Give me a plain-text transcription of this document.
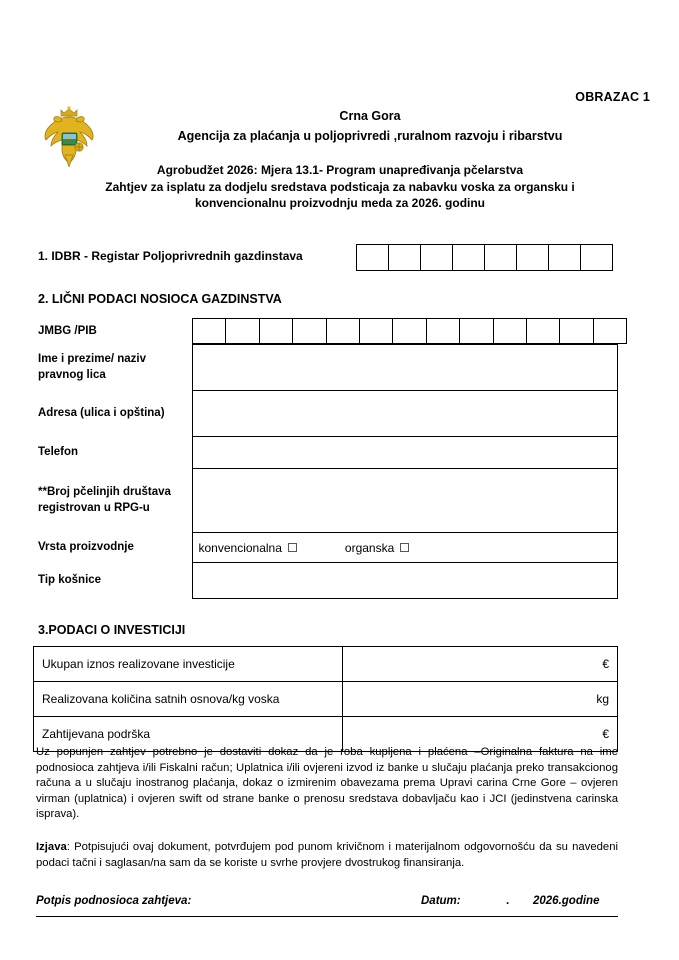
OBRAZAC 1
Crna Gora
Agencija za plaćanja u poljoprivredi ,ruralnom razvoju i ribarstvu
Agrobudžet 2026: Mjera 13.1- Program unapređivanja pčelarstva
Zahtjev za isplatu za dodjelu sredstava podsticaja za nabavku voska za organsku i
konvencionalnu proizvodnju meda za 2026. godinu
1. IDBR - Registar Poljoprivrednih gazdinstava
2. LIČNI PODACI NOSIOCA GAZDINSTVA
JMBG /PIB	

Ime i prezime/ naziv pravnog lica	
Adresa (ulica i opština)	
Telefon	
**Broj pčelinjih društava registrovan u RPG-u	
Vrsta proizvodnje	konvencionalna organska

Tip košnice	
3.PODACI O INVESTICIJI
Ukupan iznos realizovane investicije	€
Realizovana količina satnih osnova/kg voska	kg
Zahtijevana podrška	€
Uz popunjen zahtjev potrebno je dostaviti dokaz da je roba kupljena i plaćena –Originalna faktura na ime podnosioca zahtjeva i/ili Fiskalni račun; Uplatnica i/ili ovjereni izvod iz banke u slučaju plaćanja preko transakcionog računa a u slučaju inostranog plaćanja, dokaz o izmirenim obavezama prema Upravi carina Crne Gore – ovjeren virman (uplatnica) i ovjeren swift od strane banke o prenosu sredstava dobavljaču kao i JCI (jedinstvena carinska isprava).
Izjava: Potpisujući ovaj dokument, potvrđujem pod punom krivičnom i materijalnom odgovornošću da su navedeni podaci tačni i saglasan/na sam da se koriste u svrhe provjere dvostrukog finansiranja.
Potpis podnosioca zahtjeva:	Datum:	.	2026.godine
